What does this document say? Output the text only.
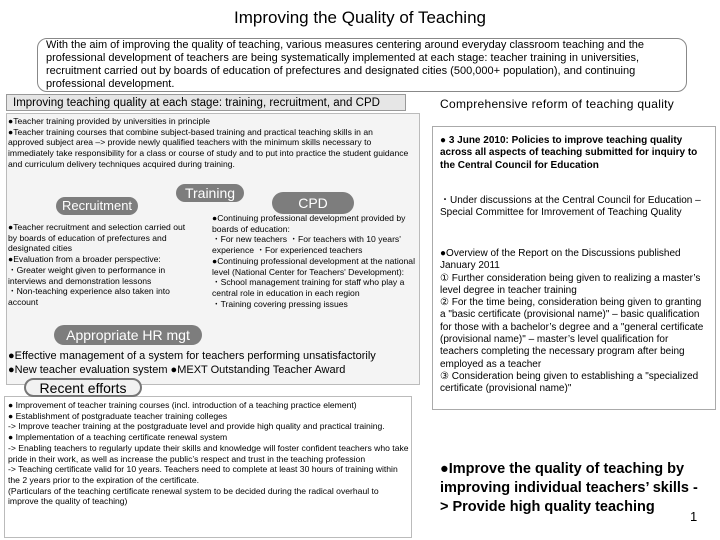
Improving the Quality of Teaching
With the aim of improving the quality of teaching, various measures centering around everyday classroom teaching and the professional development of teachers are being systematically implemented at each stage: teacher training in universities, recruitment carried out by boards of education of prefectures and designated cities (500,000+ population), and continuing professional development.
Improving teaching quality at each stage: training, recruitment, and CPD	Comprehensive reform of teaching quality
●Teacher training provided by universities in principle
●Teacher training courses that combine subject-based training and practical teaching skills in an approved subject area –> provide newly qualified teachers with the minimum skills necessary to immediately take responsibility for a class or course of study and to put into practice the student guidance and curriculum delivery techniques acquired during training.
Training
Recruitment	CPD
●Teacher recruitment and selection carried out by boards of education of prefectures and designated cities
●Evaluation from a broader perspective:
・Greater weight given to performance in interviews and demonstration lessons
・Non-teaching experience also taken into account
●Continuing professional development provided by boards of education:
・For new teachers ・For teachers with 10 years' experience ・For experienced teachers
●Continuing professional development at the national level (National Center for Teachers' Development):
・School management training for staff who play a central role in education in each region
・Training covering pressing issues
Appropriate HR mgt
●Effective management of a system for teachers performing unsatisfactorily
●New teacher evaluation system ●MEXT Outstanding Teacher Award
● Improvement of teacher training courses (incl. introduction of a teaching practice element)
● Establishment of postgraduate teacher training colleges
-> Improve teacher training at the postgraduate level and provide high quality and practical training.
● Implementation of a teaching certificate renewal system
-> Enabling teachers to regularly update their skills and knowledge will foster confident teachers who take pride in their work, as well as increase the public’s respect and trust in the teaching profession
-> Teaching certificate valid for 10 years. Teachers need to complete at least 30 hours of training within the 2 years prior to the expiration of the certificate.
(Particulars of the teaching certificate renewal system to be decided during the radical overhaul to improve the quality of teaching)
Recent efforts
● 3 June 2010: Policies to improve teaching quality across all aspects of teaching submitted for inquiry to the Central Council for Education
・Under discussions at the Central Council for Education – Special Committee for Imrovement of Teaching Quality
●Overview of the Report on the Discussions published January 2011
① Further consideration being given to realizing a master’s level degree in teacher training
② For the time being, consideration being given to granting a "basic certificate (provisional name)" – basic qualification for those with a bachelor’s degree and a "general certificate (provisional name)" – master’s level qualification for teachers completing the necessary program after being employed as a teacher
③ Consideration being given to establishing a "specialized certificate (provisional name)"
●Improve the quality of teaching by improving individual teachers’ skills -> Provide high quality teaching
1
